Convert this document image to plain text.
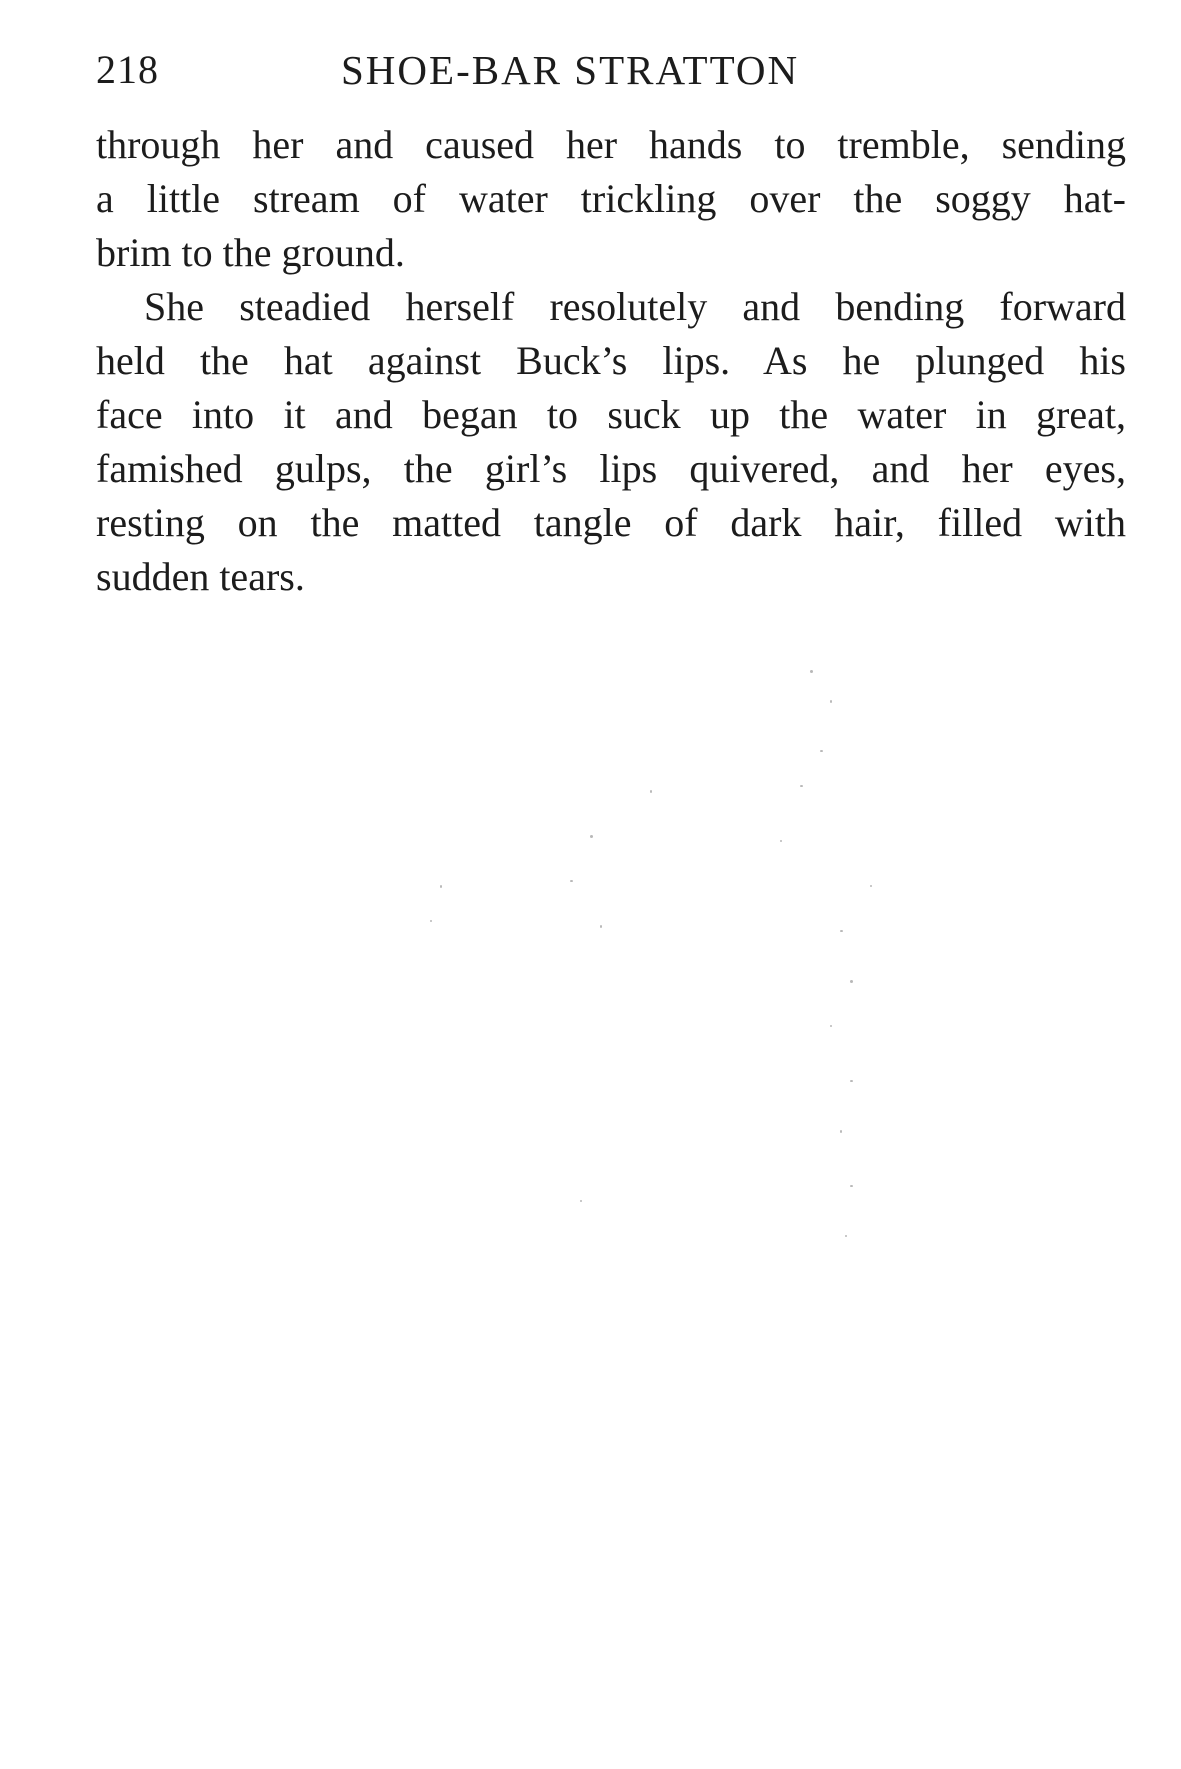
218	SHOE-BAR STRATTON
through her and caused her hands to tremble, sending
a little stream of water trickling over the soggy hat-
brim to the ground.
She steadied herself resolutely and bending forward
held the hat against Buck’s lips. As he plunged his
face into it and began to suck up the water in great,
famished gulps, the girl’s lips quivered, and her eyes,
resting on the matted tangle of dark hair, filled with
sudden tears.
